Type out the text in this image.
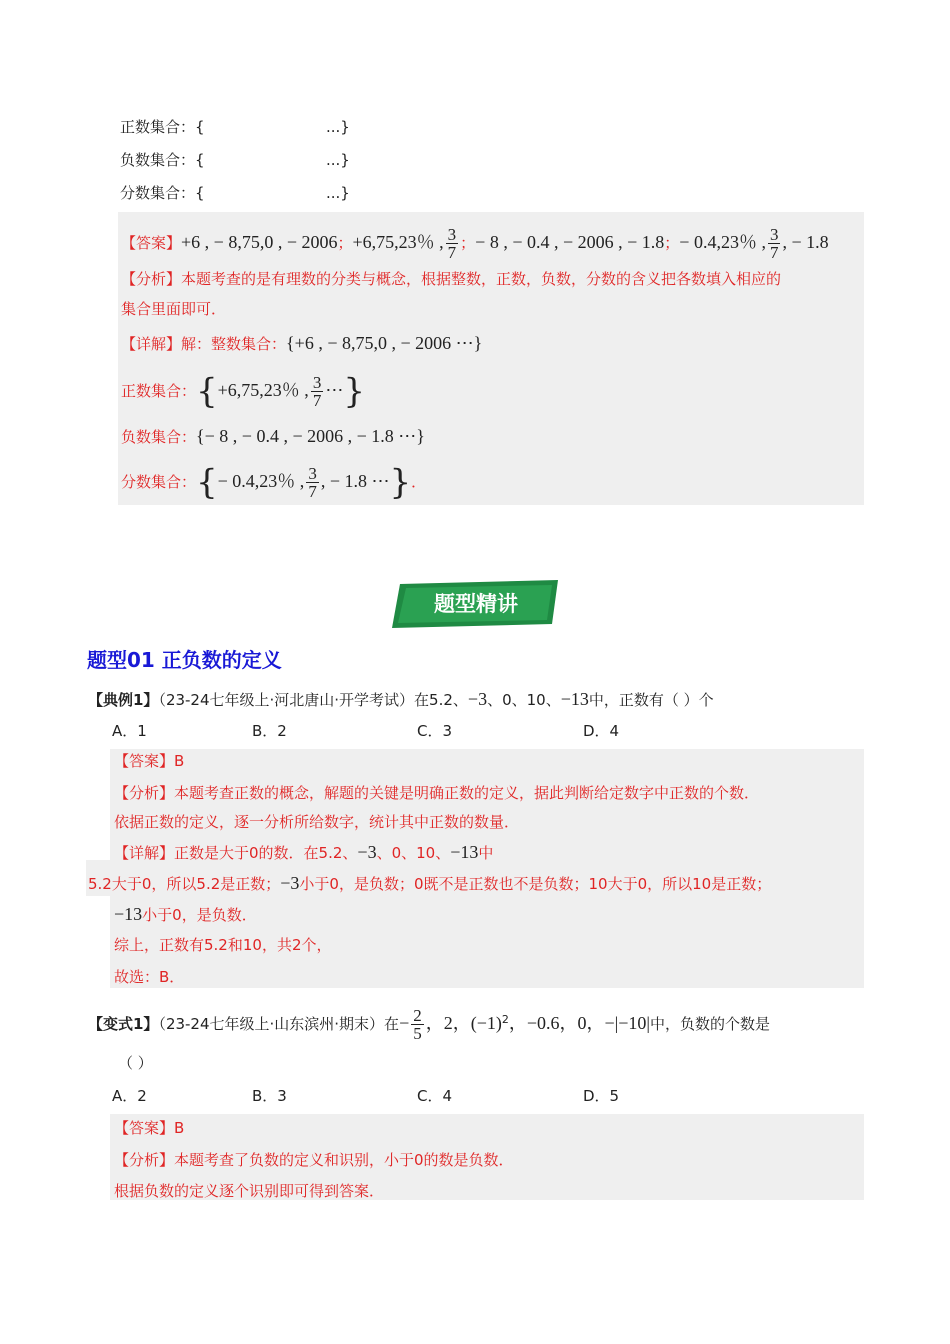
正数集合：{	...}
负数集合：{	...}
分数集合：{	...}
【答案】+6 , − 8,75,0 , − 2006；+6,75,23％ , $\frac{3}{7}$ ；− 8 , − 0.4 , − 2006 , − 1.8；− 0.4,23％ , $\frac{3}{7}$ , − 1.8
【分析】本题考查的是有理数的分类与概念，根据整数，正数，负数，分数的含义把各数填入相应的
集合里面即可．
【详解】解：整数集合：{+6 , − 8,75,0 , − 2006 ⋯}
正数集合：{+6,75,23％ , $\frac{3}{7}$ ⋯}
负数集合：{− 8 , − 0.4 , − 2006 , − 1.8 ⋯}
分数集合：{− 0.4,23％ , $\frac{3}{7}$ , − 1.8 ⋯}．
题型精讲
题型01 正负数的定义
【典例1】（23-24七年级上·河北唐山·开学考试）在5.2、−3、0、10、−13中，正数有（ ）个
A．1	B．2	C．3	D．4
【答案】B
【分析】本题考查正数的概念，解题的关键是明确正数的定义，据此判断给定数字中正数的个数．
依据正数的定义，逐一分析所给数字，统计其中正数的数量．
【详解】正数是大于0的数．在5.2、−3、0、10、−13中
5.2大于0，所以5.2是正数；−3小于0，是负数；0既不是正数也不是负数；10大于0，所以10是正数；
−13小于0，是负数．
综上，正数有5.2和10，共2个，
故选：B．
【变式1】（23-24七年级上·山东滨州·期末）在− $\frac{2}{5}$ ，2，$(-1)^2$，−0.6，0，−|−10|中，负数的个数是
（ ）
A．2	B．3	C．4	D．5
【答案】B
【分析】本题考查了负数的定义和识别，小于0的数是负数．
根据负数的定义逐个识别即可得到答案．
